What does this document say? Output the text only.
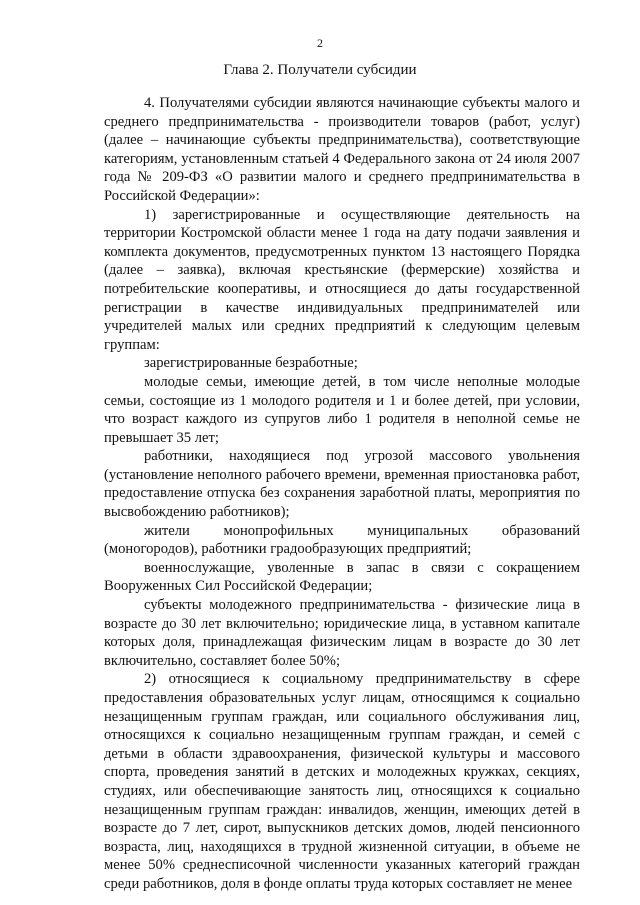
2
Глава 2. Получатели субсидии

4. Получателями субсидии являются начинающие субъекты малого и среднего предпринимательства - производители товаров (работ, услуг) (далее – начинающие субъекты предпринимательства), соответствующие категориям, установленным статьей 4 Федерального закона от 24 июля 2007 года № 209-ФЗ «О развитии малого и среднего предпринимательства в Российской Федерации»:

1) зарегистрированные и осуществляющие деятельность на территории Костромской области менее 1 года на дату подачи заявления и комплекта документов, предусмотренных пунктом 13 настоящего Порядка (далее – заявка), включая крестьянские (фермерские) хозяйства и потребительские кооперативы, и относящиеся до даты государственной регистрации в качестве индивидуальных предпринимателей или учредителей малых или средних предприятий к следующим целевым группам:

зарегистрированные безработные;

молодые семьи, имеющие детей, в том числе неполные молодые семьи, состоящие из 1 молодого родителя и 1 и более детей, при условии, что возраст каждого из супругов либо 1 родителя в неполной семье не превышает 35 лет;

работники, находящиеся под угрозой массового увольнения (установление неполного рабочего времени, временная приостановка работ, предоставление отпуска без сохранения заработной платы, мероприятия по высвобождению работников);

жители монопрофильных муниципальных образований (моногородов), работники градообразующих предприятий;

военнослужащие, уволенные в запас в связи с сокращением Вооруженных Сил Российской Федерации;

субъекты молодежного предпринимательства - физические лица в возрасте до 30 лет включительно; юридические лица, в уставном капитале которых доля, принадлежащая физическим лицам в возрасте до 30 лет включительно, составляет более 50%;

2) относящиеся к социальному предпринимательству в сфере предоставления образовательных услуг лицам, относящимся к социально незащищенным группам граждан, или социального обслуживания лиц, относящихся к социально незащищенным группам граждан, и семей с детьми в области здравоохранения, физической культуры и массового спорта, проведения занятий в детских и молодежных кружках, секциях, студиях, или обеспечивающие занятость лиц, относящихся к социально незащищенным группам граждан: инвалидов, женщин, имеющих детей в возрасте до 7 лет, сирот, выпускников детских домов, людей пенсионного возраста, лиц, находящихся в трудной жизненной ситуации, в объеме не менее 50% среднесписочной численности указанных категорий граждан среди работников, доля в фонде оплаты труда которых составляет не менее
